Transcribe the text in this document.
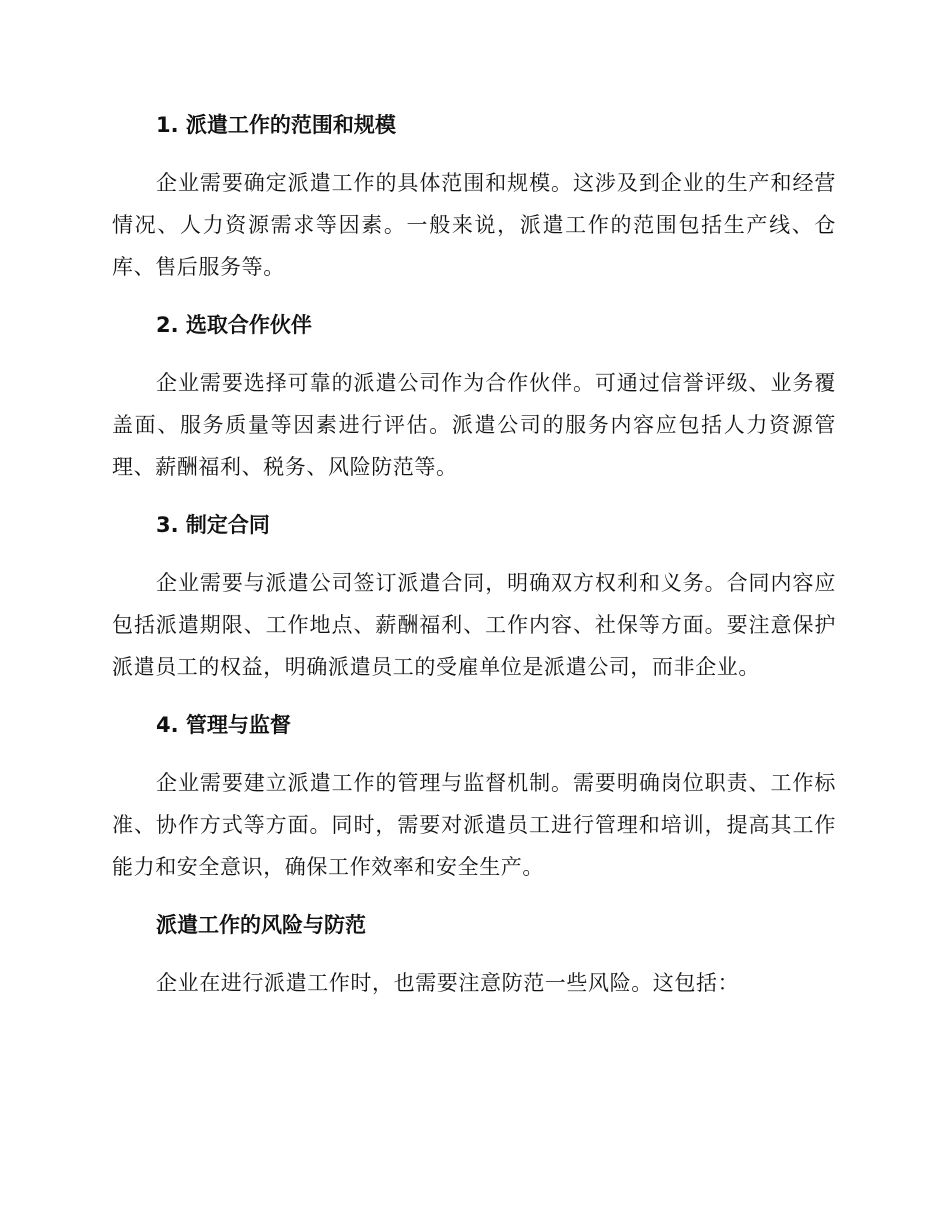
1. 派遣工作的范围和规模

企业需要确定派遣工作的具体范围和规模。这涉及到企业的生产和经营情况、人力资源需求等因素。一般来说，派遣工作的范围包括生产线、仓库、售后服务等。

2. 选取合作伙伴

企业需要选择可靠的派遣公司作为合作伙伴。可通过信誉评级、业务覆盖面、服务质量等因素进行评估。派遣公司的服务内容应包括人力资源管理、薪酬福利、税务、风险防范等。

3. 制定合同

企业需要与派遣公司签订派遣合同，明确双方权利和义务。合同内容应包括派遣期限、工作地点、薪酬福利、工作内容、社保等方面。要注意保护派遣员工的权益，明确派遣员工的受雇单位是派遣公司，而非企业。

4. 管理与监督

企业需要建立派遣工作的管理与监督机制。需要明确岗位职责、工作标准、协作方式等方面。同时，需要对派遣员工进行管理和培训，提高其工作能力和安全意识，确保工作效率和安全生产。

派遣工作的风险与防范

企业在进行派遣工作时，也需要注意防范一些风险。这包括：
